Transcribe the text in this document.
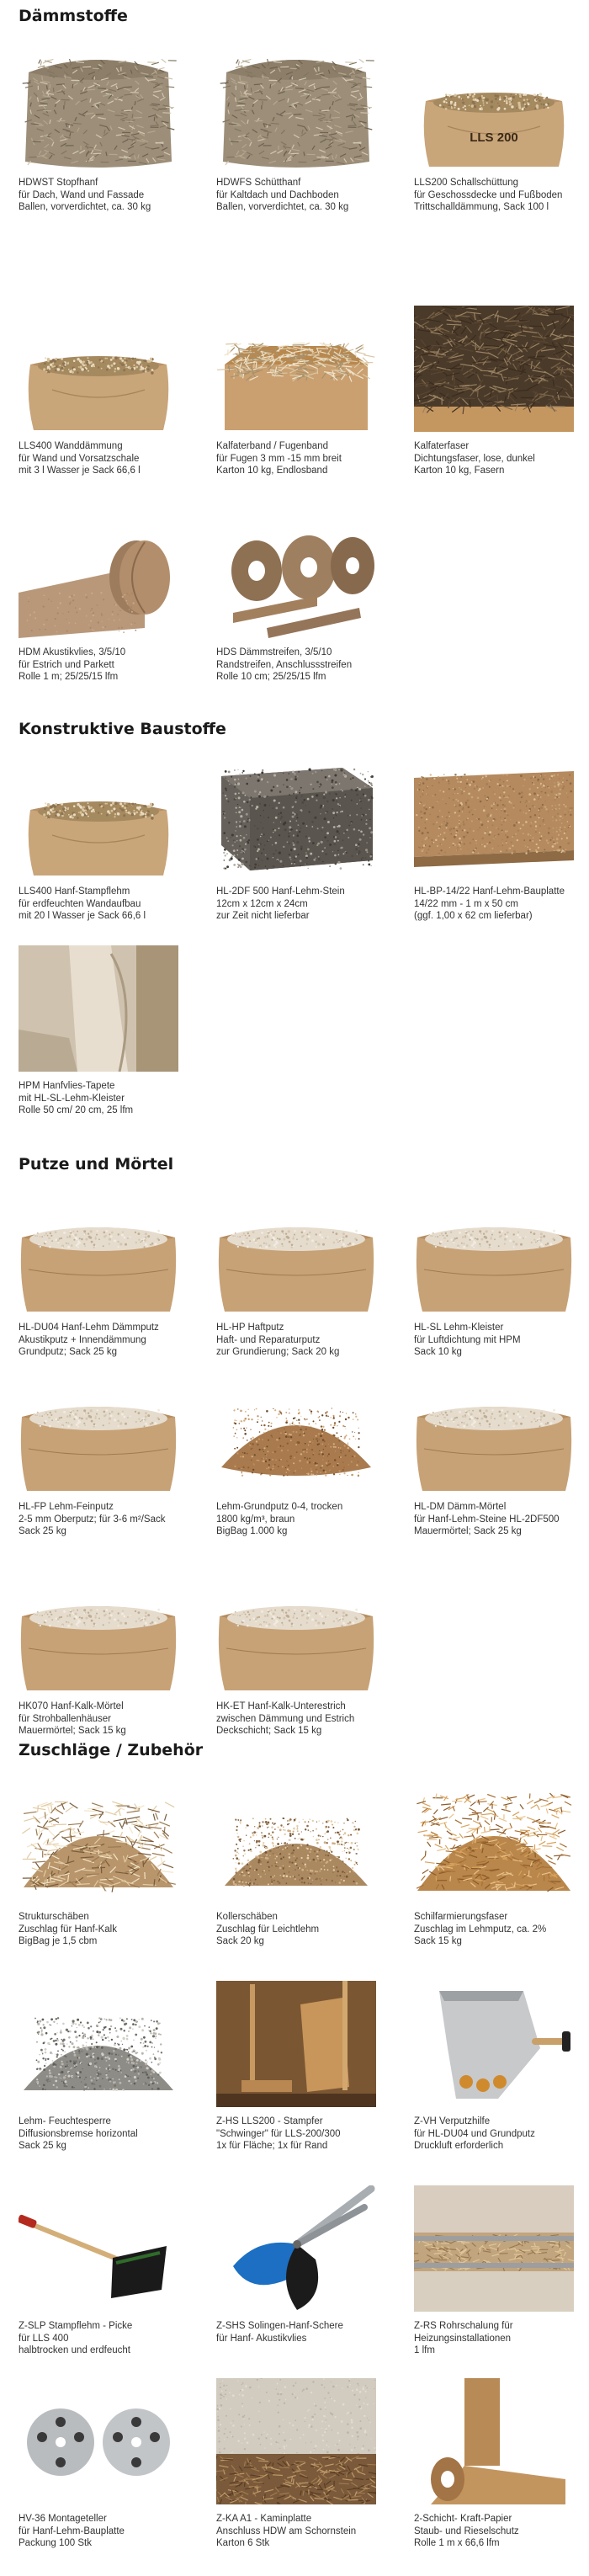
Dämmstoffe
HDWST Stopfhanf
für Dach, Wand und Fassade
Ballen, vorverdichtet, ca. 30 kg
HDWFS Schütthanf
für Kaltdach und Dachboden
Ballen, vorverdichtet, ca. 30 kg
LLS 200
LLS200 Schallschüttung
für Geschossdecke und Fußboden
Trittschalldämmung, Sack 100 l
LLS400 Wanddämmung
für Wand und Vorsatzschale
mit 3 l Wasser je Sack 66,6 l
Kalfaterband / Fugenband
für Fugen 3 mm -15 mm breit
Karton 10 kg, Endlosband
Kalfaterfaser
Dichtungsfaser, lose, dunkel
Karton 10 kg, Fasern
HDM Akustikvlies, 3/5/10
für Estrich und Parkett
Rolle 1 m; 25/25/15 lfm
HDS Dämmstreifen, 3/5/10
Randstreifen, Anschlussstreifen
Rolle 10 cm; 25/25/15 lfm
Konstruktive Baustoffe
LLS400 Hanf-Stampflehm
für erdfeuchten Wandaufbau
mit 20 l Wasser je Sack 66,6 l
HL-2DF 500 Hanf-Lehm-Stein
12cm x 12cm x 24cm
zur Zeit nicht lieferbar
HL-BP-14/22 Hanf-Lehm-Bauplatte
14/22 mm - 1 m x 50 cm
(ggf. 1,00 x 62 cm lieferbar)
HPM Hanfvlies-Tapete
mit HL-SL-Lehm-Kleister
Rolle 50 cm/ 20 cm, 25 lfm
Putze und Mörtel
HL-DU04 Hanf-Lehm Dämmputz
Akustikputz + Innendämmung
Grundputz; Sack 25 kg
HL-HP Haftputz
Haft- und Reparaturputz
zur Grundierung; Sack 20 kg
HL-SL Lehm-Kleister
für Luftdichtung mit HPM
Sack 10 kg
HL-FP Lehm-Feinputz
2-5 mm Oberputz; für 3-6 m²/Sack
Sack 25 kg
Lehm-Grundputz 0-4, trocken
1800 kg/m³, braun
BigBag 1.000 kg
HL-DM Dämm-Mörtel
für Hanf-Lehm-Steine HL-2DF500
Mauermörtel; Sack 25 kg
HK070 Hanf-Kalk-Mörtel
für Strohballenhäuser
Mauermörtel; Sack 15 kg
HK-ET Hanf-Kalk-Unterestrich
zwischen Dämmung und Estrich
Deckschicht; Sack 15 kg
Zuschläge / Zubehör
Strukturschäben
Zuschlag für Hanf-Kalk
BigBag je 1,5 cbm
Kollerschäben
Zuschlag für Leichtlehm
Sack 20 kg
Schilfarmierungsfaser
Zuschlag im Lehmputz, ca. 2%
Sack 15 kg
Lehm- Feuchtesperre
Diffusionsbremse horizontal
Sack 25 kg
Z-HS LLS200 - Stampfer
"Schwinger" für LLS-200/300
1x für Fläche; 1x für Rand
Z-VH Verputzhilfe
für HL-DU04 und Grundputz
Druckluft erforderlich
Z-SLP Stampflehm - Picke
für LLS 400
halbtrocken und erdfeucht
Z-SHS Solingen-Hanf-Schere
für Hanf- Akustikvlies
Z-RS Rohrschalung für
Heizungsinstallationen
1 lfm
HV-36 Montageteller
für Hanf-Lehm-Bauplatte
Packung 100 Stk
Z-KA A1 - Kaminplatte
Anschluss HDW am Schornstein
Karton 6 Stk
2-Schicht- Kraft-Papier
Staub- und Rieselschutz
Rolle 1 m x 66,6 lfm
